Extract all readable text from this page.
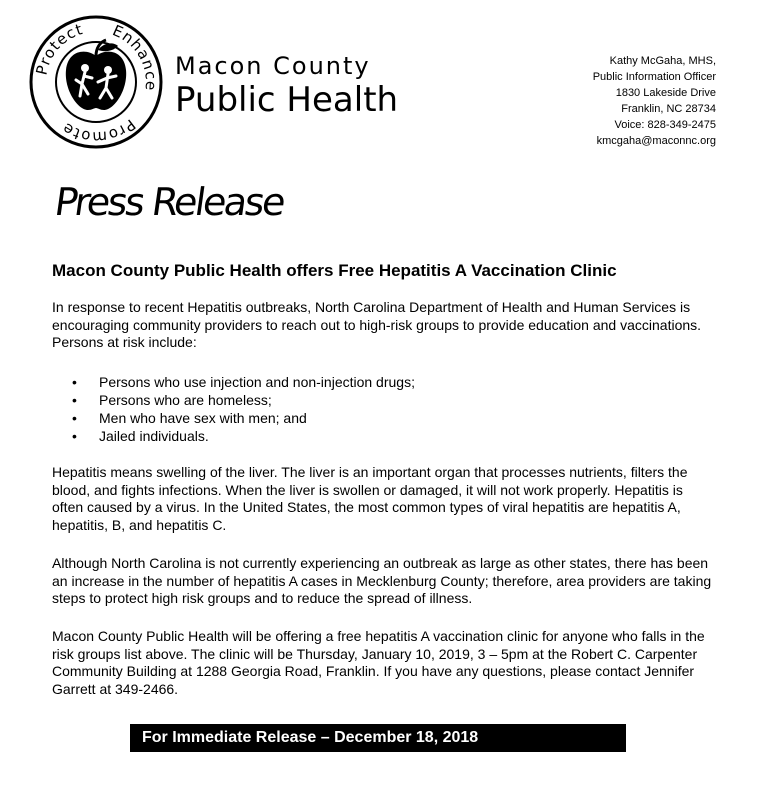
Protect Enhance
Promote
Macon County
Public Health
Kathy McGaha, MHS,
Public Information Officer
1830 Lakeside Drive
Franklin, NC 28734
Voice: 828-349-2475
kmcgaha@maconnc.org
Press Release
Macon County Public Health offers Free Hepatitis A Vaccination Clinic
In response to recent Hepatitis outbreaks, North Carolina Department of Health and Human Services is encouraging community providers to reach out to high-risk groups to provide education and vaccinations. Persons at risk include:
• Persons who use injection and non-injection drugs;
• Persons who are homeless;
• Men who have sex with men; and
• Jailed individuals.
Hepatitis means swelling of the liver. The liver is an important organ that processes nutrients, filters the blood, and fights infections. When the liver is swollen or damaged, it will not work properly. Hepatitis is often caused by a virus. In the United States, the most common types of viral hepatitis are hepatitis A, hepatitis, B, and hepatitis C.
Although North Carolina is not currently experiencing an outbreak as large as other states, there has been an increase in the number of hepatitis A cases in Mecklenburg County; therefore, area providers are taking steps to protect high risk groups and to reduce the spread of illness.
Macon County Public Health will be offering a free hepatitis A vaccination clinic for anyone who falls in the risk groups list above. The clinic will be Thursday, January 10, 2019, 3 – 5pm at the Robert C. Carpenter Community Building at 1288 Georgia Road, Franklin. If you have any questions, please contact Jennifer Garrett at 349-2466.
For Immediate Release – December 18, 2018
